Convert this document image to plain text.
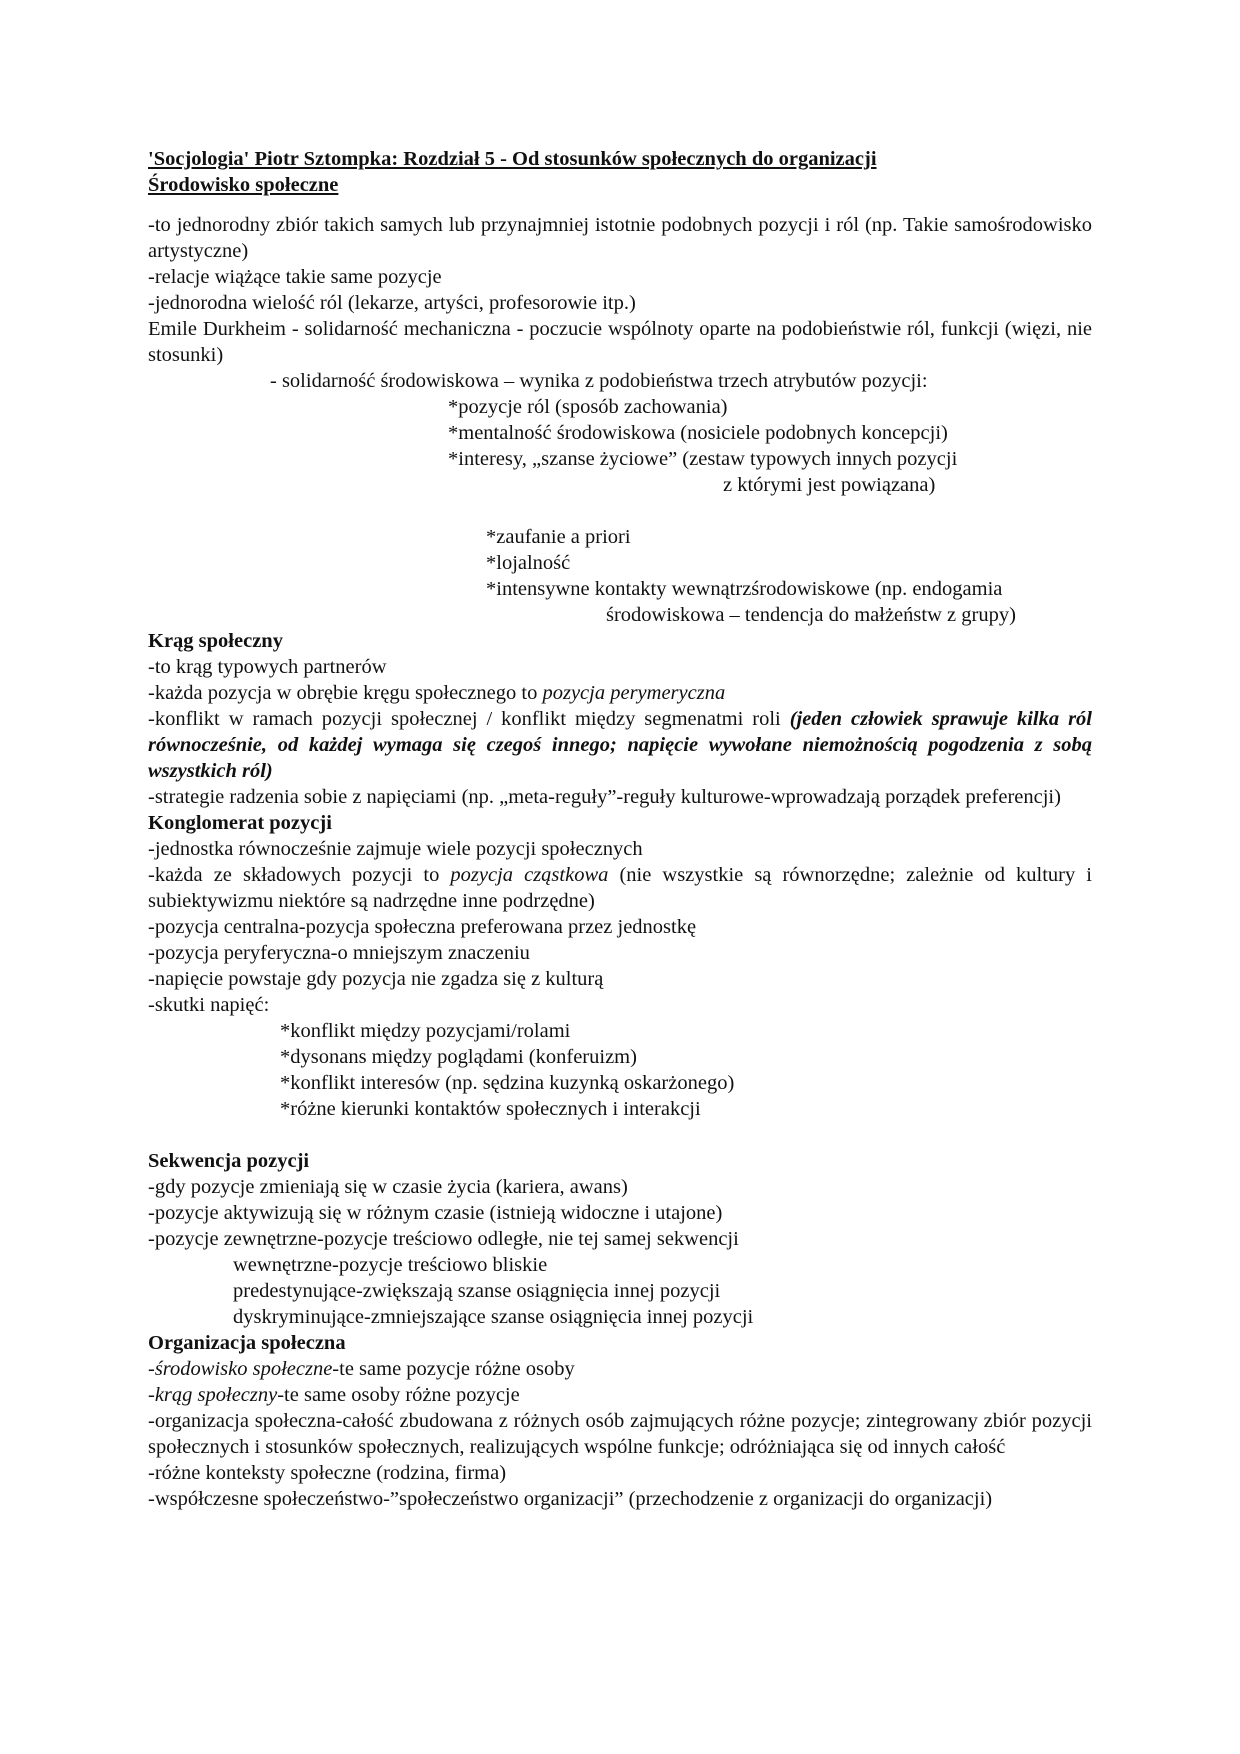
'Socjologia' Piotr Sztompka: Rozdział 5 - Od stosunków społecznych do organizacji

Środowisko społeczne

-to jednorodny zbiór takich samych lub przynajmniej istotnie podobnych pozycji i ról (np. Takie samośrodowisko artystyczne)

-relacje wiążące takie same pozycje

-jednorodna wielość ról (lekarze, artyści, profesorowie itp.)

Emile Durkheim - solidarność mechaniczna - poczucie wspólnoty oparte na podobieństwie ról, funkcji (więzi, nie stosunki)

- solidarność środowiskowa – wynika z podobieństwa trzech atrybutów pozycji:

*pozycje ról (sposób zachowania)

*mentalność środowiskowa (nosiciele podobnych koncepcji)

*interesy, „szanse życiowe” (zestaw typowych innych pozycji

z którymi jest powiązana)

*zaufanie a priori

*lojalność

*intensywne kontakty wewnątrzśrodowiskowe (np. endogamia

środowiskowa – tendencja do małżeństw z grupy)

Krąg społeczny

-to krąg typowych partnerów

-każda pozycja w obrębie kręgu społecznego to pozycja perymeryczna

-konflikt w ramach pozycji społecznej / konflikt między segmenatmi roli (jeden człowiek sprawuje kilka ról równocześnie, od każdej wymaga się czegoś innego; napięcie wywołane niemożnością pogodzenia z sobą wszystkich ról)

-strategie radzenia sobie z napięciami (np. „meta-reguły”-reguły kulturowe-wprowadzają porządek preferencji)

Konglomerat pozycji

-jednostka równocześnie zajmuje wiele pozycji społecznych

-każda ze składowych pozycji to pozycja cząstkowa (nie wszystkie są równorzędne; zależnie od kultury i subiektywizmu niektóre są nadrzędne inne podrzędne)

-pozycja centralna-pozycja społeczna preferowana przez jednostkę

-pozycja peryferyczna-o mniejszym znaczeniu

-napięcie powstaje gdy pozycja nie zgadza się z kulturą

-skutki napięć:

*konflikt między pozycjami/rolami

*dysonans między poglądami (konferuizm)

*konflikt interesów (np. sędzina kuzynką oskarżonego)

*różne kierunki kontaktów społecznych i interakcji

Sekwencja pozycji

-gdy pozycje zmieniają się w czasie życia (kariera, awans)

-pozycje aktywizują się w różnym czasie (istnieją widoczne i utajone)

-pozycje zewnętrzne-pozycje treściowo odległe, nie tej samej sekwencji

wewnętrzne-pozycje treściowo bliskie

predestynujące-zwiększają szanse osiągnięcia innej pozycji

dyskryminujące-zmniejszające szanse osiągnięcia innej pozycji

Organizacja społeczna

-środowisko społeczne-te same pozycje różne osoby

-krąg społeczny-te same osoby różne pozycje

-organizacja społeczna-całość zbudowana z różnych osób zajmujących różne pozycje; zintegrowany zbiór pozycji społecznych i stosunków społecznych, realizujących wspólne funkcje; odróżniająca się od innych całość

-różne konteksty społeczne (rodzina, firma)

-współczesne społeczeństwo-”społeczeństwo organizacji” (przechodzenie z organizacji do organizacji)
